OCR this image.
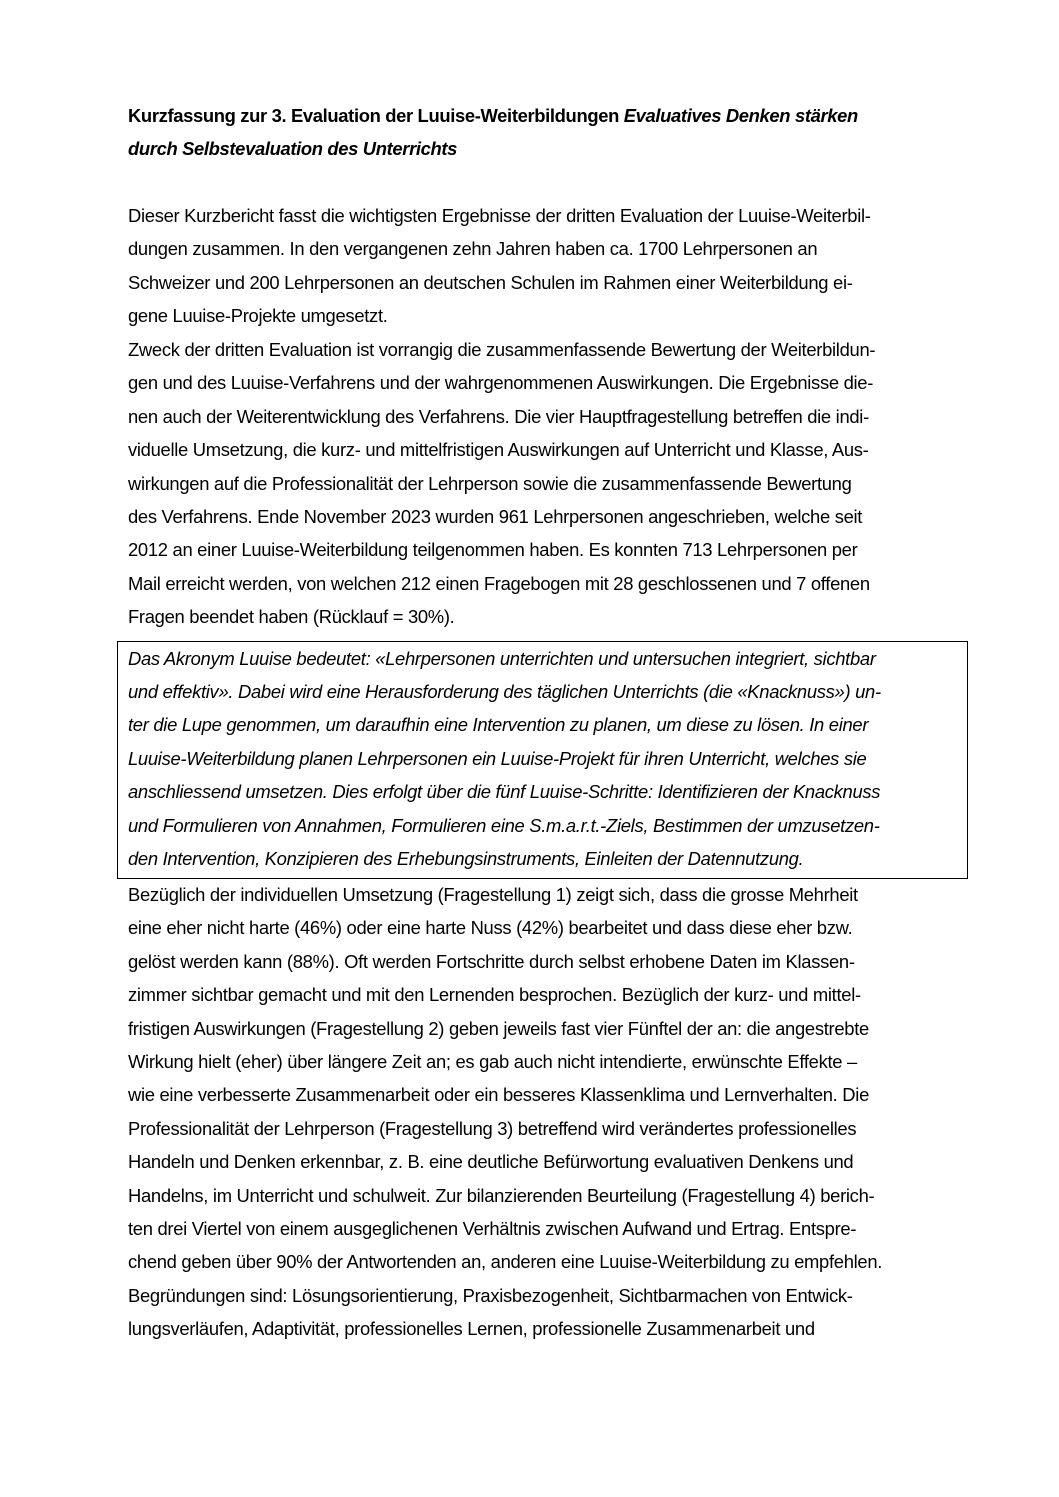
Kurzfassung zur 3. Evaluation der Luuise-Weiterbildungen Evaluatives Denken stärken
durch Selbstevaluation des Unterrichts
Dieser Kurzbericht fasst die wichtigsten Ergebnisse der dritten Evaluation der Luuise-Weiterbil-
dungen zusammen. In den vergangenen zehn Jahren haben ca. 1700 Lehrpersonen an
Schweizer und 200 Lehrpersonen an deutschen Schulen im Rahmen einer Weiterbildung ei-
gene Luuise-Projekte umgesetzt.
Zweck der dritten Evaluation ist vorrangig die zusammenfassende Bewertung der Weiterbildun-
gen und des Luuise-Verfahrens und der wahrgenommenen Auswirkungen. Die Ergebnisse die-
nen auch der Weiterentwicklung des Verfahrens. Die vier Hauptfragestellung betreffen die indi-
viduelle Umsetzung, die kurz- und mittelfristigen Auswirkungen auf Unterricht und Klasse, Aus-
wirkungen auf die Professionalität der Lehrperson sowie die zusammenfassende Bewertung
des Verfahrens. Ende November 2023 wurden 961 Lehrpersonen angeschrieben, welche seit
2012 an einer Luuise-Weiterbildung teilgenommen haben. Es konnten 713 Lehrpersonen per
Mail erreicht werden, von welchen 212 einen Fragebogen mit 28 geschlossenen und 7 offenen
Fragen beendet haben (Rücklauf = 30%).
Das Akronym Luuise bedeutet: «Lehrpersonen unterrichten und untersuchen integriert, sichtbar
und effektiv». Dabei wird eine Herausforderung des täglichen Unterrichts (die «Knacknuss») un-
ter die Lupe genommen, um daraufhin eine Intervention zu planen, um diese zu lösen. In einer
Luuise-Weiterbildung planen Lehrpersonen ein Luuise-Projekt für ihren Unterricht, welches sie
anschliessend umsetzen. Dies erfolgt über die fünf Luuise-Schritte: Identifizieren der Knacknuss
und Formulieren von Annahmen, Formulieren eine S.m.a.r.t.-Ziels, Bestimmen der umzusetzen-
den Intervention, Konzipieren des Erhebungsinstruments, Einleiten der Datennutzung.
Bezüglich der individuellen Umsetzung (Fragestellung 1) zeigt sich, dass die grosse Mehrheit
eine eher nicht harte (46%) oder eine harte Nuss (42%) bearbeitet und dass diese eher bzw.
gelöst werden kann (88%). Oft werden Fortschritte durch selbst erhobene Daten im Klassen-
zimmer sichtbar gemacht und mit den Lernenden besprochen. Bezüglich der kurz- und mittel-
fristigen Auswirkungen (Fragestellung 2) geben jeweils fast vier Fünftel der an: die angestrebte
Wirkung hielt (eher) über längere Zeit an; es gab auch nicht intendierte, erwünschte Effekte –
wie eine verbesserte Zusammenarbeit oder ein besseres Klassenklima und Lernverhalten. Die
Professionalität der Lehrperson (Fragestellung 3) betreffend wird verändertes professionelles
Handeln und Denken erkennbar, z. B. eine deutliche Befürwortung evaluativen Denkens und
Handelns, im Unterricht und schulweit. Zur bilanzierenden Beurteilung (Fragestellung 4) berich-
ten drei Viertel von einem ausgeglichenen Verhältnis zwischen Aufwand und Ertrag. Entspre-
chend geben über 90% der Antwortenden an, anderen eine Luuise-Weiterbildung zu empfehlen.
Begründungen sind: Lösungsorientierung, Praxisbezogenheit, Sichtbarmachen von Entwick-
lungsverläufen, Adaptivität, professionelles Lernen, professionelle Zusammenarbeit und
